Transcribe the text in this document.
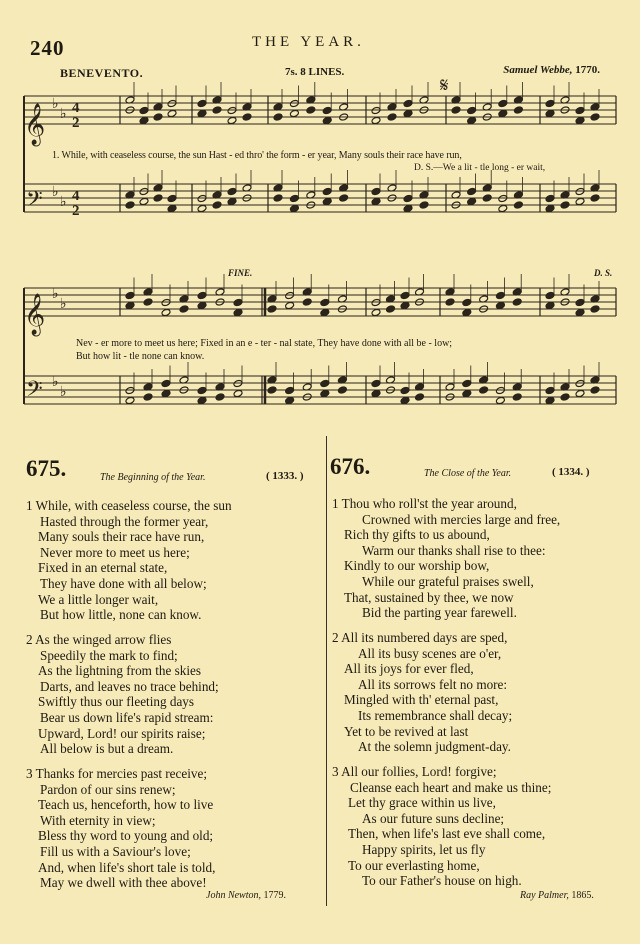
240	THE YEAR.
BENEVENTO.	7s. 8 LINES.	Samuel Webbe, 1770.
𝄞
𝄢
𝄞
𝄢
♭
♭
♭
♭
♭
♭
♭
♭
4
2
4
2
𝄋
1. While, with ceaseless course, the sun Hast - ed thro' the form - er year, Many souls their race have run,
D. S.—We a lit - tle long - er wait,
FINE.	D. S.
Nev - er more to meet us here; Fixed in an e - ter - nal state, They have done with all be - low;
But how lit - tle none can know.
675.	The Beginning of the Year.	( 1333. )
1 While, with ceaseless course, the sun
Hasted through the former year,
Many souls their race have run,
Never more to meet us here;
Fixed in an eternal state,
They have done with all below;
We a little longer wait,
But how little, none can know.
2 As the winged arrow flies
Speedily the mark to find;
As the lightning from the skies
Darts, and leaves no trace behind;
Swiftly thus our fleeting days
Bear us down life's rapid stream:
Upward, Lord! our spirits raise;
All below is but a dream.
3 Thanks for mercies past receive;
Pardon of our sins renew;
Teach us, henceforth, how to live
With eternity in view;
Bless thy word to young and old;
Fill us with a Saviour's love;
And, when life's short tale is told,
May we dwell with thee above!
John Newton, 1779.
676.	The Close of the Year.	( 1334. )
1 Thou who roll'st the year around,
Crowned with mercies large and free,
Rich thy gifts to us abound,
Warm our thanks shall rise to thee:
Kindly to our worship bow,
While our grateful praises swell,
That, sustained by thee, we now
Bid the parting year farewell.
2 All its numbered days are sped,
All its busy scenes are o'er,
All its joys for ever fled,
All its sorrows felt no more:
Mingled with th' eternal past,
Its remembrance shall decay;
Yet to be revived at last
At the solemn judgment-day.
3 All our follies, Lord! forgive;
Cleanse each heart and make us thine;
Let thy grace within us live,
As our future suns decline;
Then, when life's last eve shall come,
Happy spirits, let us fly
To our everlasting home,
To our Father's house on high.
Ray Palmer, 1865.
